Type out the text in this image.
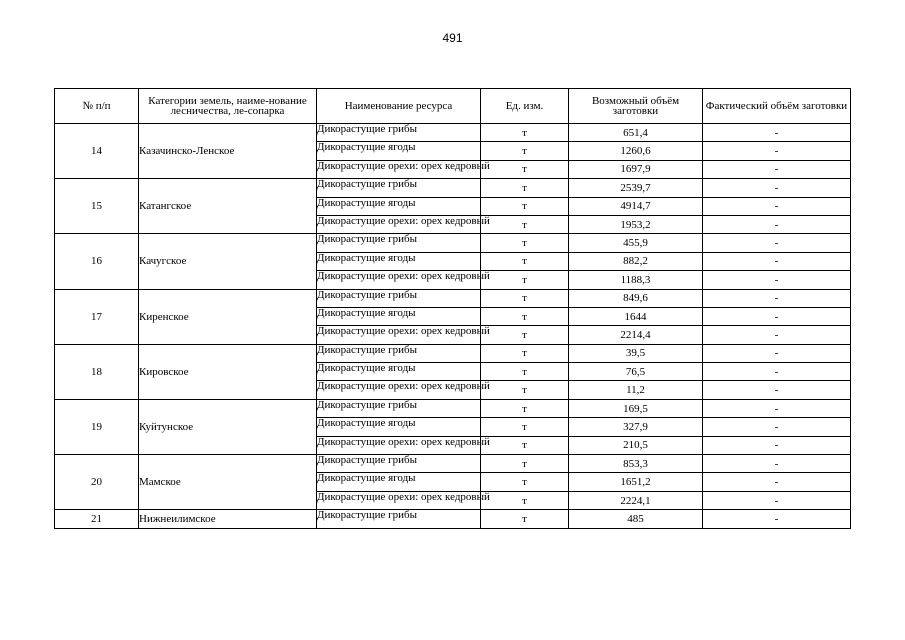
491
№ п/п	Категории земель, наиме-нование лесничества, ле-сопарка	Наименование ресурса	Ед. изм.	Возможный объём заготовки	Фактический объём заготовки
14	Казачинско-Ленское	Дикорастущие грибы	т	651,4	-
		Дикорастущие ягоды	т	1260,6	-
		Дикорастущие орехи: орех кедровый	т	1697,9	-
15	Катангское	Дикорастущие грибы	т	2539,7	-
		Дикорастущие ягоды	т	4914,7	-
		Дикорастущие орехи: орех кедровый	т	1953,2	-
16	Качугское	Дикорастущие грибы	т	455,9	-
		Дикорастущие ягоды	т	882,2	-
		Дикорастущие орехи: орех кедровый	т	1188,3	-
17	Киренское	Дикорастущие грибы	т	849,6	-
		Дикорастущие ягоды	т	1644	-
		Дикорастущие орехи: орех кедровый	т	2214,4	-
18	Кировское	Дикорастущие грибы	т	39,5	-
		Дикорастущие ягоды	т	76,5	-
		Дикорастущие орехи: орех кедровый	т	11,2	-
19	Куйтунское	Дикорастущие грибы	т	169,5	-
		Дикорастущие ягоды	т	327,9	-
		Дикорастущие орехи: орех кедровый	т	210,5	-
20	Мамское	Дикорастущие грибы	т	853,3	-
		Дикорастущие ягоды	т	1651,2	-
		Дикорастущие орехи: орех кедровый	т	2224,1	-
21	Нижнеилимское	Дикорастущие грибы	т	485	-
